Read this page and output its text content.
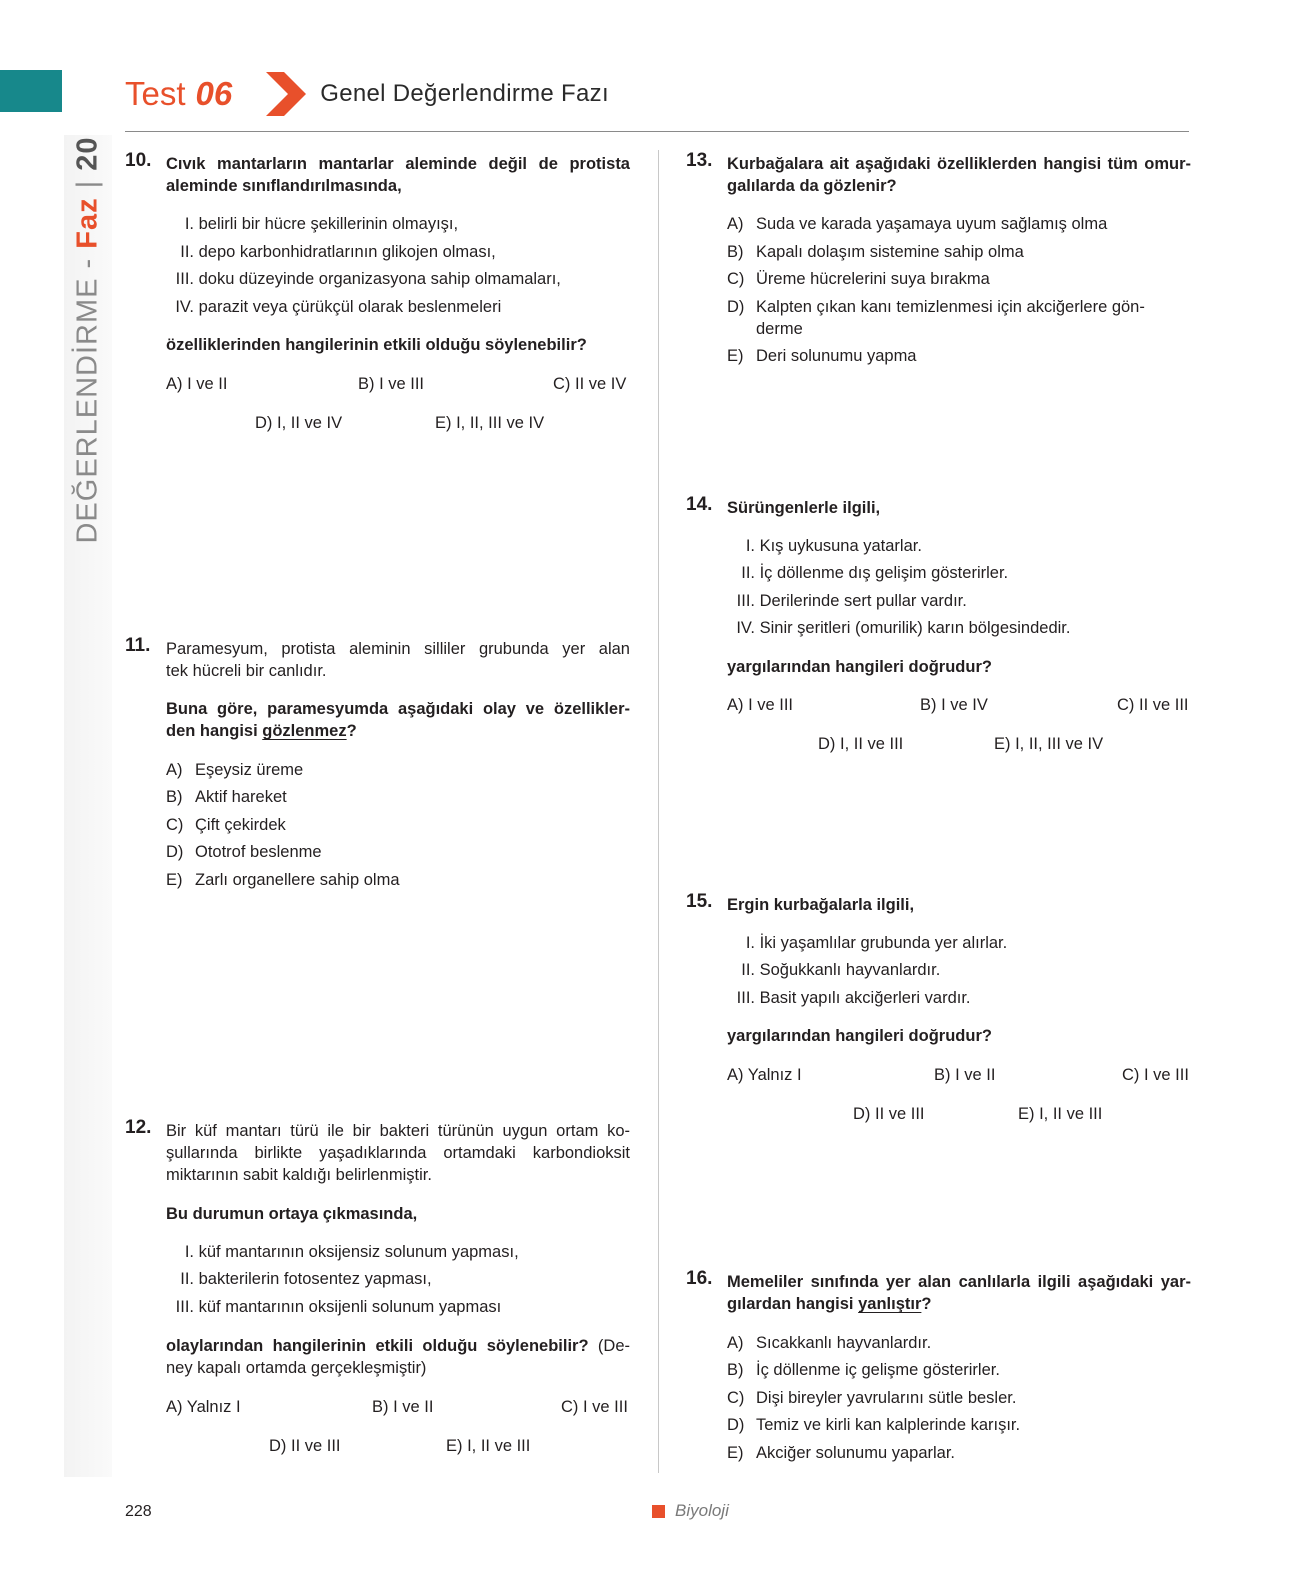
DEĞERLENDİRME - Faz | 20
Test 06	Genel Değerlendirme Fazı
10. Cıvık mantarların mantarlar aleminde değil de protista
aleminde sınıflandırılmasında,
I. belirli bir hücre şekillerinin olmayışı,
II. depo karbonhidratlarının glikojen olması,
III. doku düzeyinde organizasyona sahip olmamaları,
IV. parazit veya çürükçül olarak beslenmeleri
özelliklerinden hangilerinin etkili olduğu söylenebilir?
A) I ve II	B) I ve III	C) II ve IV
D) I, II ve IV	E) I, II, III ve IV
11. Paramesyum, protista aleminin silliler grubunda yer alan
tek hücreli bir canlıdır.
Buna göre, paramesyumda aşağıdaki olay ve özellikler-
den hangisi gözlenmez?
A) Eşeysiz üreme
B) Aktif hareket
C) Çift çekirdek
D) Ototrof beslenme
E) Zarlı organellere sahip olma
12. Bir küf mantarı türü ile bir bakteri türünün uygun ortam ko-
şullarında birlikte yaşadıklarında ortamdaki karbondioksit
miktarının sabit kaldığı belirlenmiştir.
Bu durumun ortaya çıkmasında,
I. küf mantarının oksijensiz solunum yapması,
II. bakterilerin fotosentez yapması,
III. küf mantarının oksijenli solunum yapması
olaylarından hangilerinin etkili olduğu söylenebilir? (De-
ney kapalı ortamda gerçekleşmiştir)
A) Yalnız I	B) I ve II	C) I ve III
D) II ve III	E) I, II ve III
13. Kurbağalara ait aşağıdaki özelliklerden hangisi tüm omur-
galılarda da gözlenir?
A) Suda ve karada yaşamaya uyum sağlamış olma
B) Kapalı dolaşım sistemine sahip olma
C) Üreme hücrelerini suya bırakma
D) Kalpten çıkan kanı temizlenmesi için akciğerlere gön-
derme
E) Deri solunumu yapma
14. Sürüngenlerle ilgili,
I. Kış uykusuna yatarlar.
II. İç döllenme dış gelişim gösterirler.
III. Derilerinde sert pullar vardır.
IV. Sinir şeritleri (omurilik) karın bölgesindedir.
yargılarından hangileri doğrudur?
A) I ve III	B) I ve IV	C) II ve III
D) I, II ve III	E) I, II, III ve IV
15. Ergin kurbağalarla ilgili,
I. İki yaşamlılar grubunda yer alırlar.
II. Soğukkanlı hayvanlardır.
III. Basit yapılı akciğerleri vardır.
yargılarından hangileri doğrudur?
A) Yalnız I	B) I ve II	C) I ve III
D) II ve III	E) I, II ve III
16. Memeliler sınıfında yer alan canlılarla ilgili aşağıdaki yar-
gılardan hangisi yanlıştır?
A) Sıcakkanlı hayvanlardır.
B) İç döllenme iç gelişme gösterirler.
C) Dişi bireyler yavrularını sütle besler.
D) Temiz ve kirli kan kalplerinde karışır.
E) Akciğer solunumu yaparlar.
228	Biyoloji
